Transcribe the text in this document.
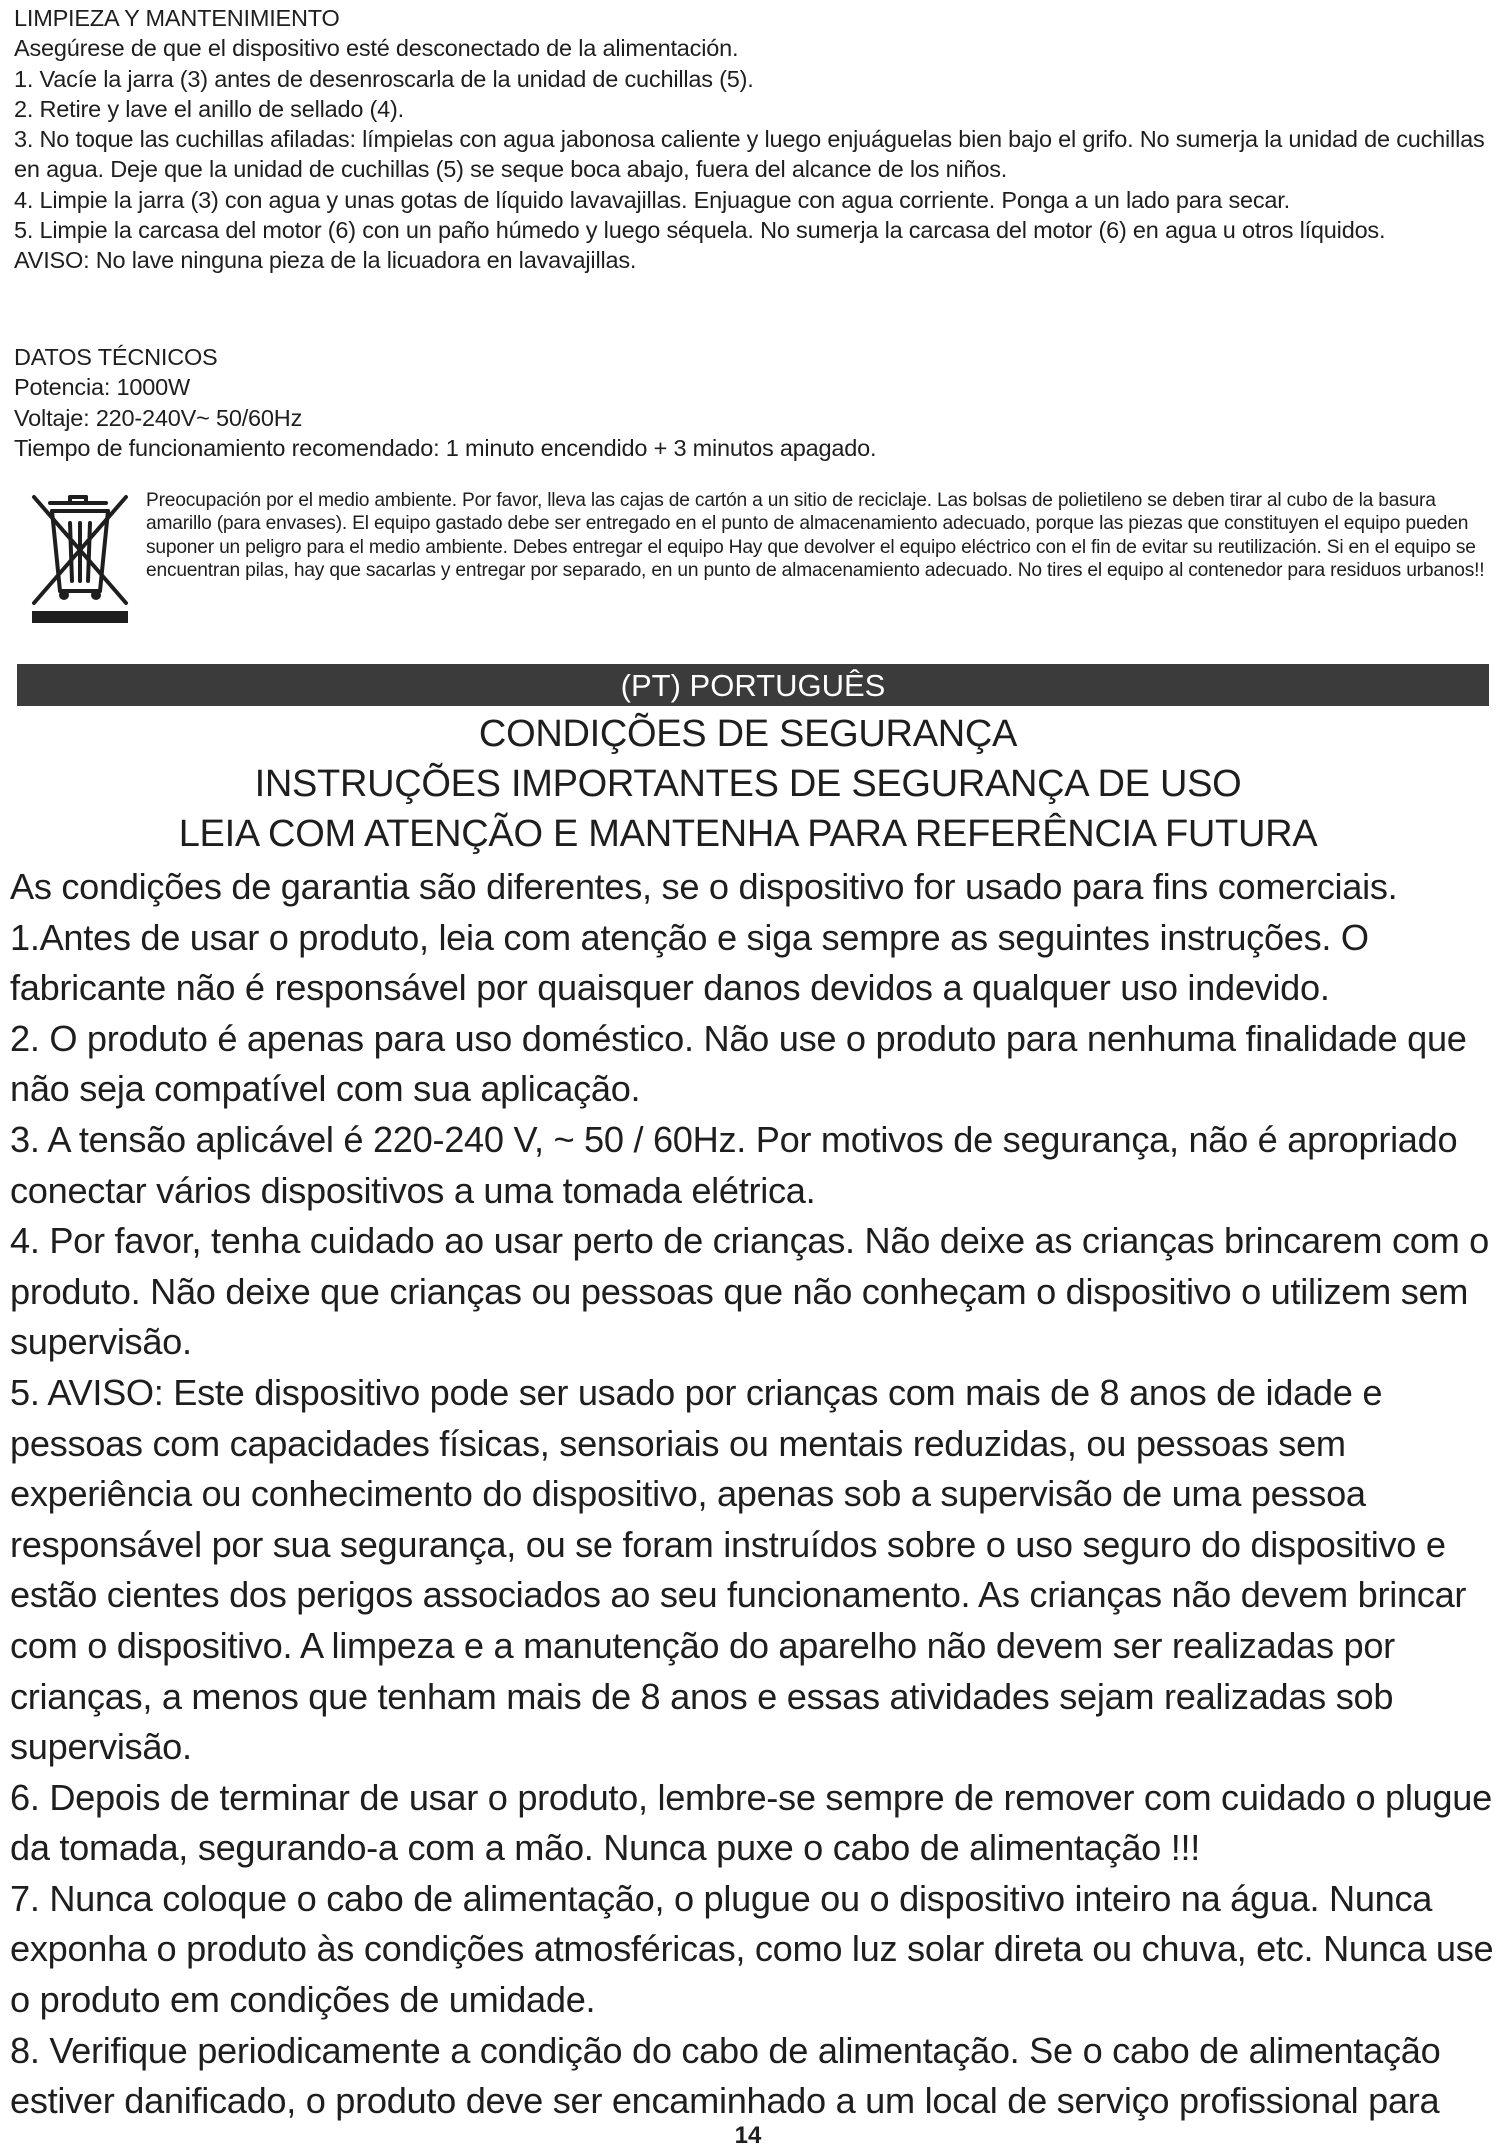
LIMPIEZA Y MANTENIMIENTO

Asegúrese de que el dispositivo esté desconectado de la alimentación.

1. Vacíe la jarra (3) antes de desenroscarla de la unidad de cuchillas (5).

2. Retire y lave el anillo de sellado (4).

3. No toque las cuchillas afiladas: límpielas con agua jabonosa caliente y luego enjuáguelas bien bajo el grifo. No sumerja la unidad de cuchillas en agua. Deje que la unidad de cuchillas (5) se seque boca abajo, fuera del alcance de los niños.

4. Limpie la jarra (3) con agua y unas gotas de líquido lavavajillas. Enjuague con agua corriente. Ponga a un lado para secar.

5. Limpie la carcasa del motor (6) con un paño húmedo y luego séquela. No sumerja la carcasa del motor (6) en agua u otros líquidos.

AVISO: No lave ninguna pieza de la licuadora en lavavajillas.

DATOS TÉCNICOS

Potencia: 1000W

Voltaje: 220-240V~ 50/60Hz

Tiempo de funcionamiento recomendado: 1 minuto encendido + 3 minutos apagado.

Preocupación por el medio ambiente. Por favor, lleva las cajas de cartón a un sitio de reciclaje. Las bolsas de polietileno se deben tirar al cubo de la basura amarillo (para envases). El equipo gastado debe ser entregado en el punto de almacenamiento adecuado, porque las piezas que constituyen el equipo pueden suponer un peligro para el medio ambiente. Debes entregar el equipo Hay que devolver el equipo eléctrico con el fin de evitar su reutilización. Si en el equipo se encuentran pilas, hay que sacarlas y entregar por separado, en un punto de almacenamiento adecuado. No tires el equipo al contenedor para residuos urbanos!!

(PT) PORTUGUÊS
CONDIÇÕES DE SEGURANÇA
INSTRUÇÕES IMPORTANTES DE SEGURANÇA DE USO
LEIA COM ATENÇÃO E MANTENHA PARA REFERÊNCIA FUTURA

As condições de garantia são diferentes, se o dispositivo for usado para fins comerciais.

1.Antes de usar o produto, leia com atenção e siga sempre as seguintes instruções. O fabricante não é responsável por quaisquer danos devidos a qualquer uso indevido.

2. O produto é apenas para uso doméstico. Não use o produto para nenhuma finalidade que não seja compatível com sua aplicação.

3. A tensão aplicável é 220-240 V, ~ 50 / 60Hz. Por motivos de segurança, não é apropriado conectar vários dispositivos a uma tomada elétrica.

4. Por favor, tenha cuidado ao usar perto de crianças. Não deixe as crianças brincarem com o produto. Não deixe que crianças ou pessoas que não conheçam o dispositivo o utilizem sem supervisão.

5. AVISO: Este dispositivo pode ser usado por crianças com mais de 8 anos de idade e pessoas com capacidades físicas, sensoriais ou mentais reduzidas, ou pessoas sem experiência ou conhecimento do dispositivo, apenas sob a supervisão de uma pessoa responsável por sua segurança, ou se foram instruídos sobre o uso seguro do dispositivo e estão cientes dos perigos associados ao seu funcionamento. As crianças não devem brincar com o dispositivo. A limpeza e a manutenção do aparelho não devem ser realizadas por crianças, a menos que tenham mais de 8 anos e essas atividades sejam realizadas sob supervisão.

6. Depois de terminar de usar o produto, lembre-se sempre de remover com cuidado o plugue da tomada, segurando-a com a mão. Nunca puxe o cabo de alimentação !!!

7. Nunca coloque o cabo de alimentação, o plugue ou o dispositivo inteiro na água. Nunca exponha o produto às condições atmosféricas, como luz solar direta ou chuva, etc. Nunca use o produto em condições de umidade.

8. Verifique periodicamente a condição do cabo de alimentação. Se o cabo de alimentação estiver danificado, o produto deve ser encaminhado a um local de serviço profissional para

14
